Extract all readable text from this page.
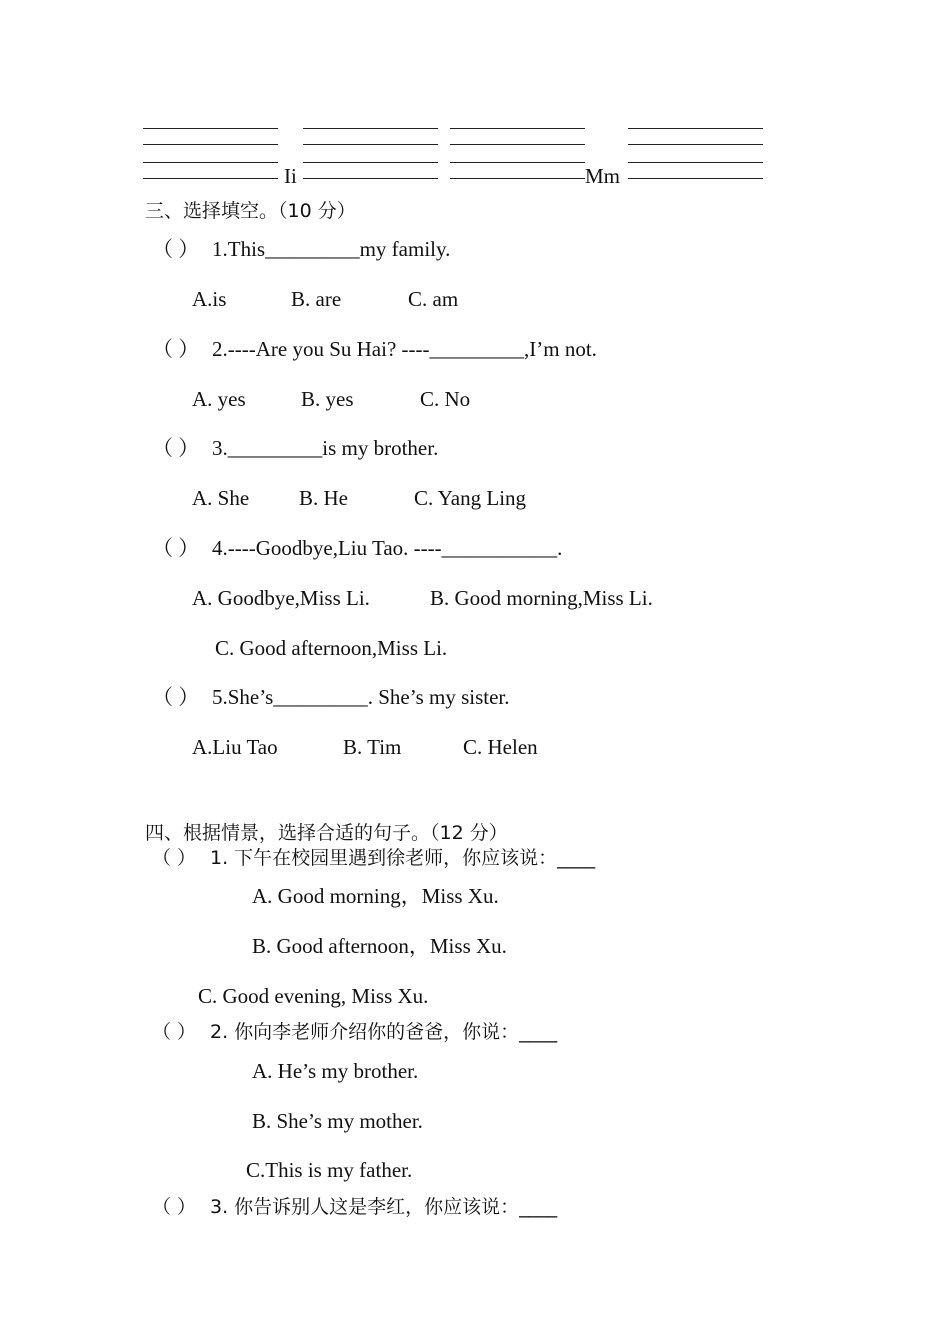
Ii	Mm
三、选择填空。（10 分）
（ ） 1.This_________my family.
A.is	B. are	C. am
（ ） 2.----Are you Su Hai? ----_________,I’m not.
A. yes	B. yes	C. No
（ ） 3._________is my brother.
A. She B. He	C. Yang Ling
（ ） 4.----Goodbye,Liu Tao. ----___________.
A. Goodbye,Miss Li.	B. Good morning,Miss Li.
C. Good afternoon,Miss Li.
（ ） 5.She’s_________. She’s my sister.
A.Liu Tao	B. Tim	C. Helen
四、根据情景，选择合适的句子。（12 分）
（ ） 1. 下午在校园里遇到徐老师，你应该说：____
A. Good morning，Miss Xu.
B. Good afternoon，Miss Xu.
C. Good evening, Miss Xu.
（ ） 2. 你向李老师介绍你的爸爸，你说：____
A. He’s my brother.
B. She’s my mother.
C.This is my father.
（ ） 3. 你告诉别人这是李红，你应该说：____
